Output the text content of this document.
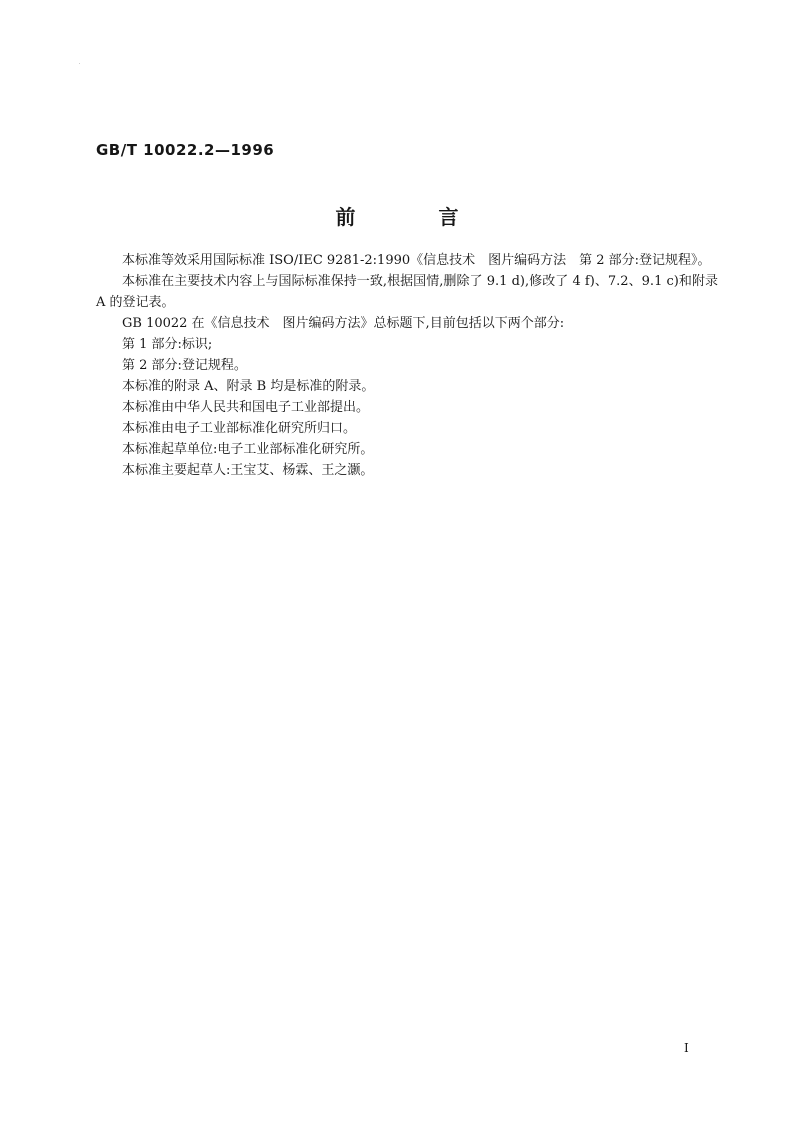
GB/T 10022.2—1996
前 言

本标准等效采用国际标准 ISO/IEC 9281-2:1990《信息技术　图片编码方法　第 2 部分:登记规程》。

本标准在主要技术内容上与国际标准保持一致,根据国情,删除了 9.1 d),修改了 4 f)、7.2、9.1 c)和附录 A 的登记表。

GB 10022 在《信息技术　图片编码方法》总标题下,目前包括以下两个部分:

第 1 部分:标识;

第 2 部分:登记规程。

本标准的附录 A、附录 B 均是标准的附录。

本标准由中华人民共和国电子工业部提出。

本标准由电子工业部标准化研究所归口。

本标准起草单位:电子工业部标准化研究所。

本标准主要起草人:王宝艾、杨霖、王之灏。

I
